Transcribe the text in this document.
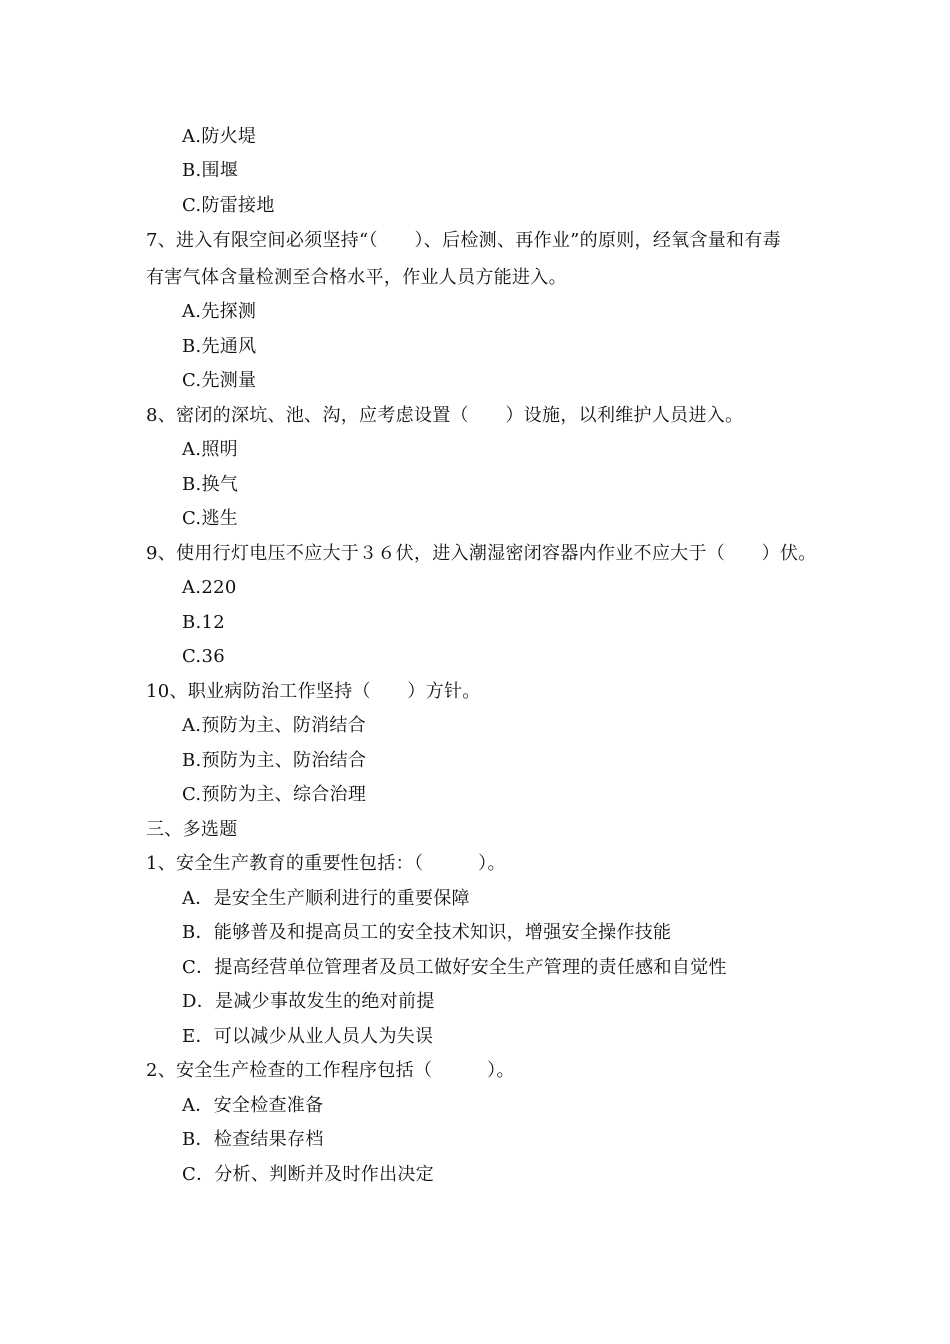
A.防火堤
B.围堰
C.防雷接地
7、进入有限空间必须坚持“（　　）、后检测、再作业”的原则，经氧含量和有毒
有害气体含量检测至合格水平，作业人员方能进入。
A.先探测
B.先通风
C.先测量
8、密闭的深坑、池、沟，应考虑设置（　　）设施，以利维护人员进入。
A.照明
B.换气
C.逃生
9、使用行灯电压不应大于３６伏，进入潮湿密闭容器内作业不应大于（　　）伏。
A.220
B.12
C.36
10、职业病防治工作坚持（　　）方针。
A.预防为主、防消结合
B.预防为主、防治结合
C.预防为主、综合治理
三、多选题
1、安全生产教育的重要性包括：（　　　）。
A．是安全生产顺利进行的重要保障
B．能够普及和提高员工的安全技术知识，增强安全操作技能
C．提高经营单位管理者及员工做好安全生产管理的责任感和自觉性
D．是减少事故发生的绝对前提
E．可以减少从业人员人为失误
2、安全生产检查的工作程序包括（　　　）。
A．安全检查准备
B．检查结果存档
C．分析、判断并及时作出决定
